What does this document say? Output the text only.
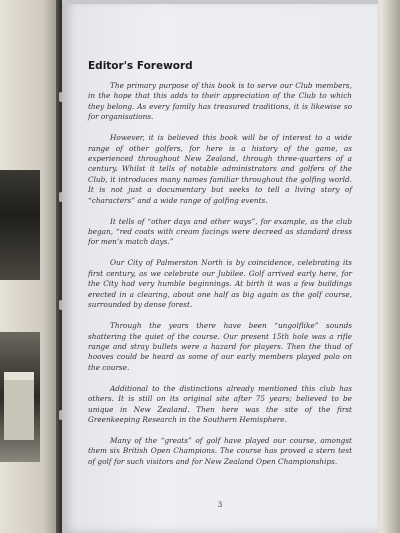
Editor's Foreword

The primary purpose of this book is to serve our Club members, in the hope that this adds to their appreciation of the Club to which they belong. As every family has treasured traditions, it is likewise so for organisations.

However, it is believed this book will be of interest to a wide range of other golfers, for here is a history of the game, as experienced throughout New Zealand, through three-quarters of a century. Whilst it tells of notable administrators and golfers of the Club, it introduces many names familiar throughout the golfing world. It is not just a documentary but seeks to tell a living story of “characters” and a wide range of golfing events.

It tells of “other days and other ways”, for example, as the club began, “red coats with cream facings were decreed as standard dress for men’s match days.”

Our City of Palmerston North is by coincidence, celebrating its first century, as we celebrate our Jubilee. Golf arrived early here, for the City had very humble beginnings. At birth it was a few buildings erected in a clearing, about one half as big again as the golf course, surrounded by dense forest.

Through the years there have been “ungolflike” sounds shattering the quiet of the course. Our present 15th hole was a rifle range and stray bullets were a hazard for players. Then the thud of hooves could be heard as some of our early members played polo on the course.

Additional to the distinctions already mentioned this club has others. It is still on its original site after 75 years; believed to be unique in New Zealand. Then here was the site of the first Greenkeeping Research in the Southern Hemisphere.

Many of the “greats” of golf have played our course, amongst them six British Open Champions. The course has proved a stern test of golf for such visitors and for New Zealand Open Championships.

3
